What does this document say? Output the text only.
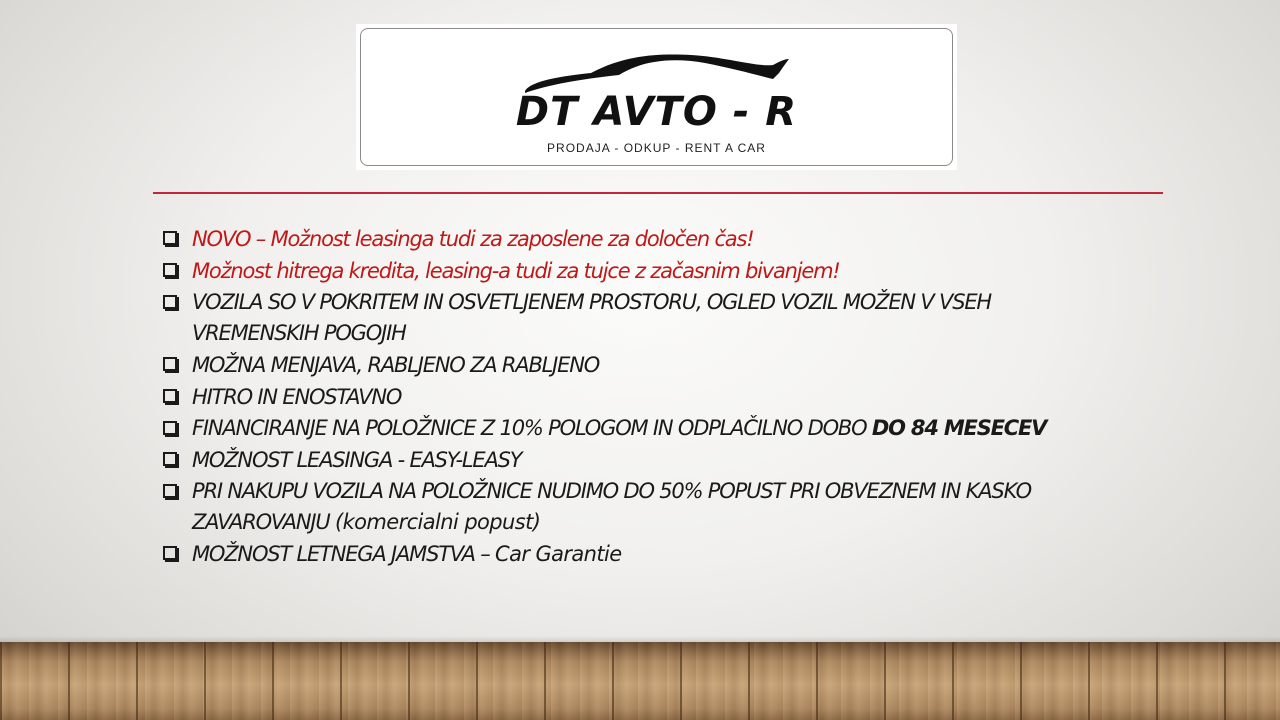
DT AVTO - R
PRODAJA - ODKUP - RENT A CAR
NOVO – Možnost leasinga tudi za zaposlene za določen čas!
Možnost hitrega kredita, leasing-a tudi za tujce z začasnim bivanjem!
VOZILA SO V POKRITEM IN OSVETLJENEM PROSTORU, OGLED VOZIL MOŽEN V VSEH VREMENSKIH POGOJIH
MOŽNA MENJAVA, RABLJENO ZA RABLJENO
HITRO IN ENOSTAVNO
FINANCIRANJE NA POLOŽNICE Z 10% POLOGOM IN ODPLAČILNO DOBO DO 84 MESECEV
MOŽNOST LEASINGA - EASY-LEASY
PRI NAKUPU VOZILA NA POLOŽNICE NUDIMO DO 50% POPUST PRI OBVEZNEM IN KASKO ZAVAROVANJU (komercialni popust)
MOŽNOST LETNEGA JAMSTVA – Car Garantie
